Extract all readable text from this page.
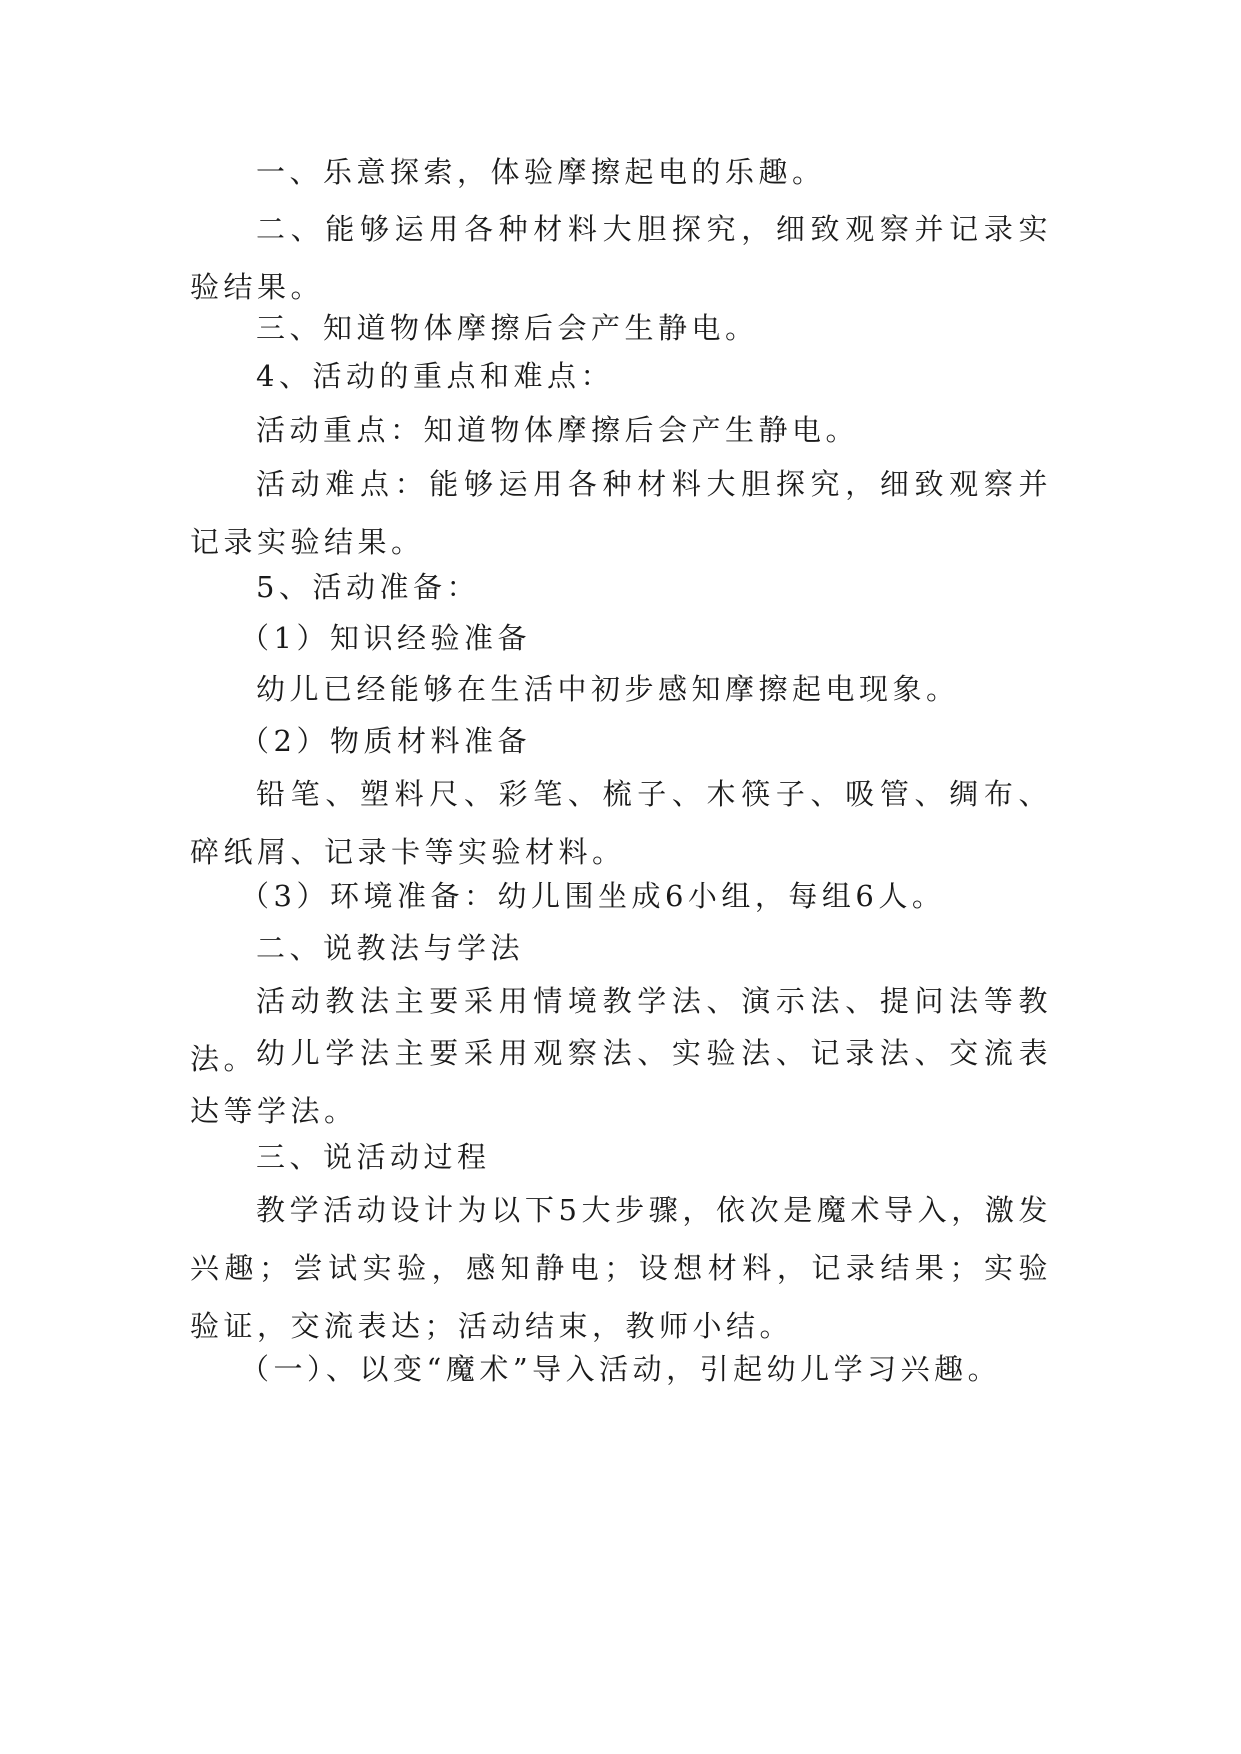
一、乐意探索，体验摩擦起电的乐趣。

二、能够运用各种材料大胆探究，细致观察并记录实验结果。

三、知道物体摩擦后会产生静电。

4、活动的重点和难点：

活动重点：知道物体摩擦后会产生静电。

活动难点：能够运用各种材料大胆探究，细致观察并记录实验结果。

5、活动准备：

（1）知识经验准备

幼儿已经能够在生活中初步感知摩擦起电现象。

（2）物质材料准备

铅笔、塑料尺、彩笔、梳子、木筷子、吸管、绸布、碎纸屑、记录卡等实验材料。

（3）环境准备：幼儿围坐成6小组，每组6人。

二、说教法与学法

活动教法主要采用情境教学法、演示法、提问法等教法。

幼儿学法主要采用观察法、实验法、记录法、交流表达等学法。

三、说活动过程

教学活动设计为以下5大步骤，依次是魔术导入，激发兴趣；尝试实验，感知静电；设想材料，记录结果；实验验证，交流表达；活动结束，教师小结。

（一）、以变“魔术”导入活动，引起幼儿学习兴趣。
